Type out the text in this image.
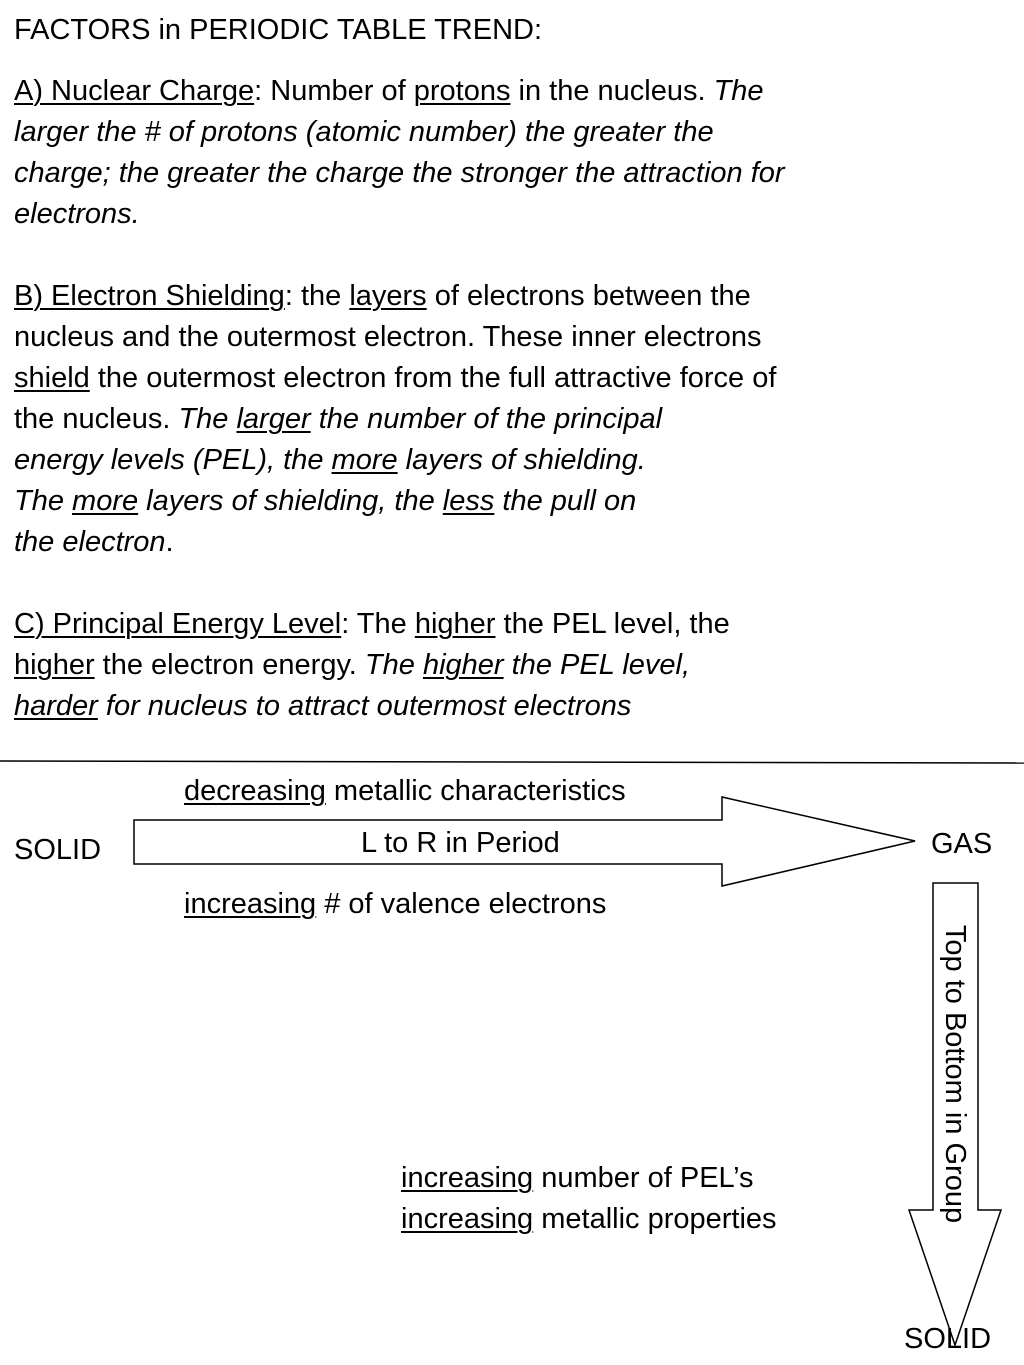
FACTORS in PERIODIC TABLE TREND:
A) Nuclear Charge: Number of protons in the nucleus. The
larger the # of protons (atomic number) the greater the
charge; the greater the charge the stronger the attraction for
electrons.
B) Electron Shielding: the layers of electrons between the
nucleus and the outermost electron. These inner electrons
shield the outermost electron from the full attractive force of
the nucleus. The larger the number of the principal
energy levels (PEL), the more layers of shielding.
The more layers of shielding, the less the pull on
the electron.
C) Principal Energy Level: The higher the PEL level, the
higher the electron energy. The higher the PEL level,
harder for nucleus to attract outermost electrons
decreasing metallic characteristics
SOLID	L to R in Period	GAS
increasing # of valence electrons
Top to Bottom in Group
increasing number of PEL’s
increasing metallic properties
SOLID
